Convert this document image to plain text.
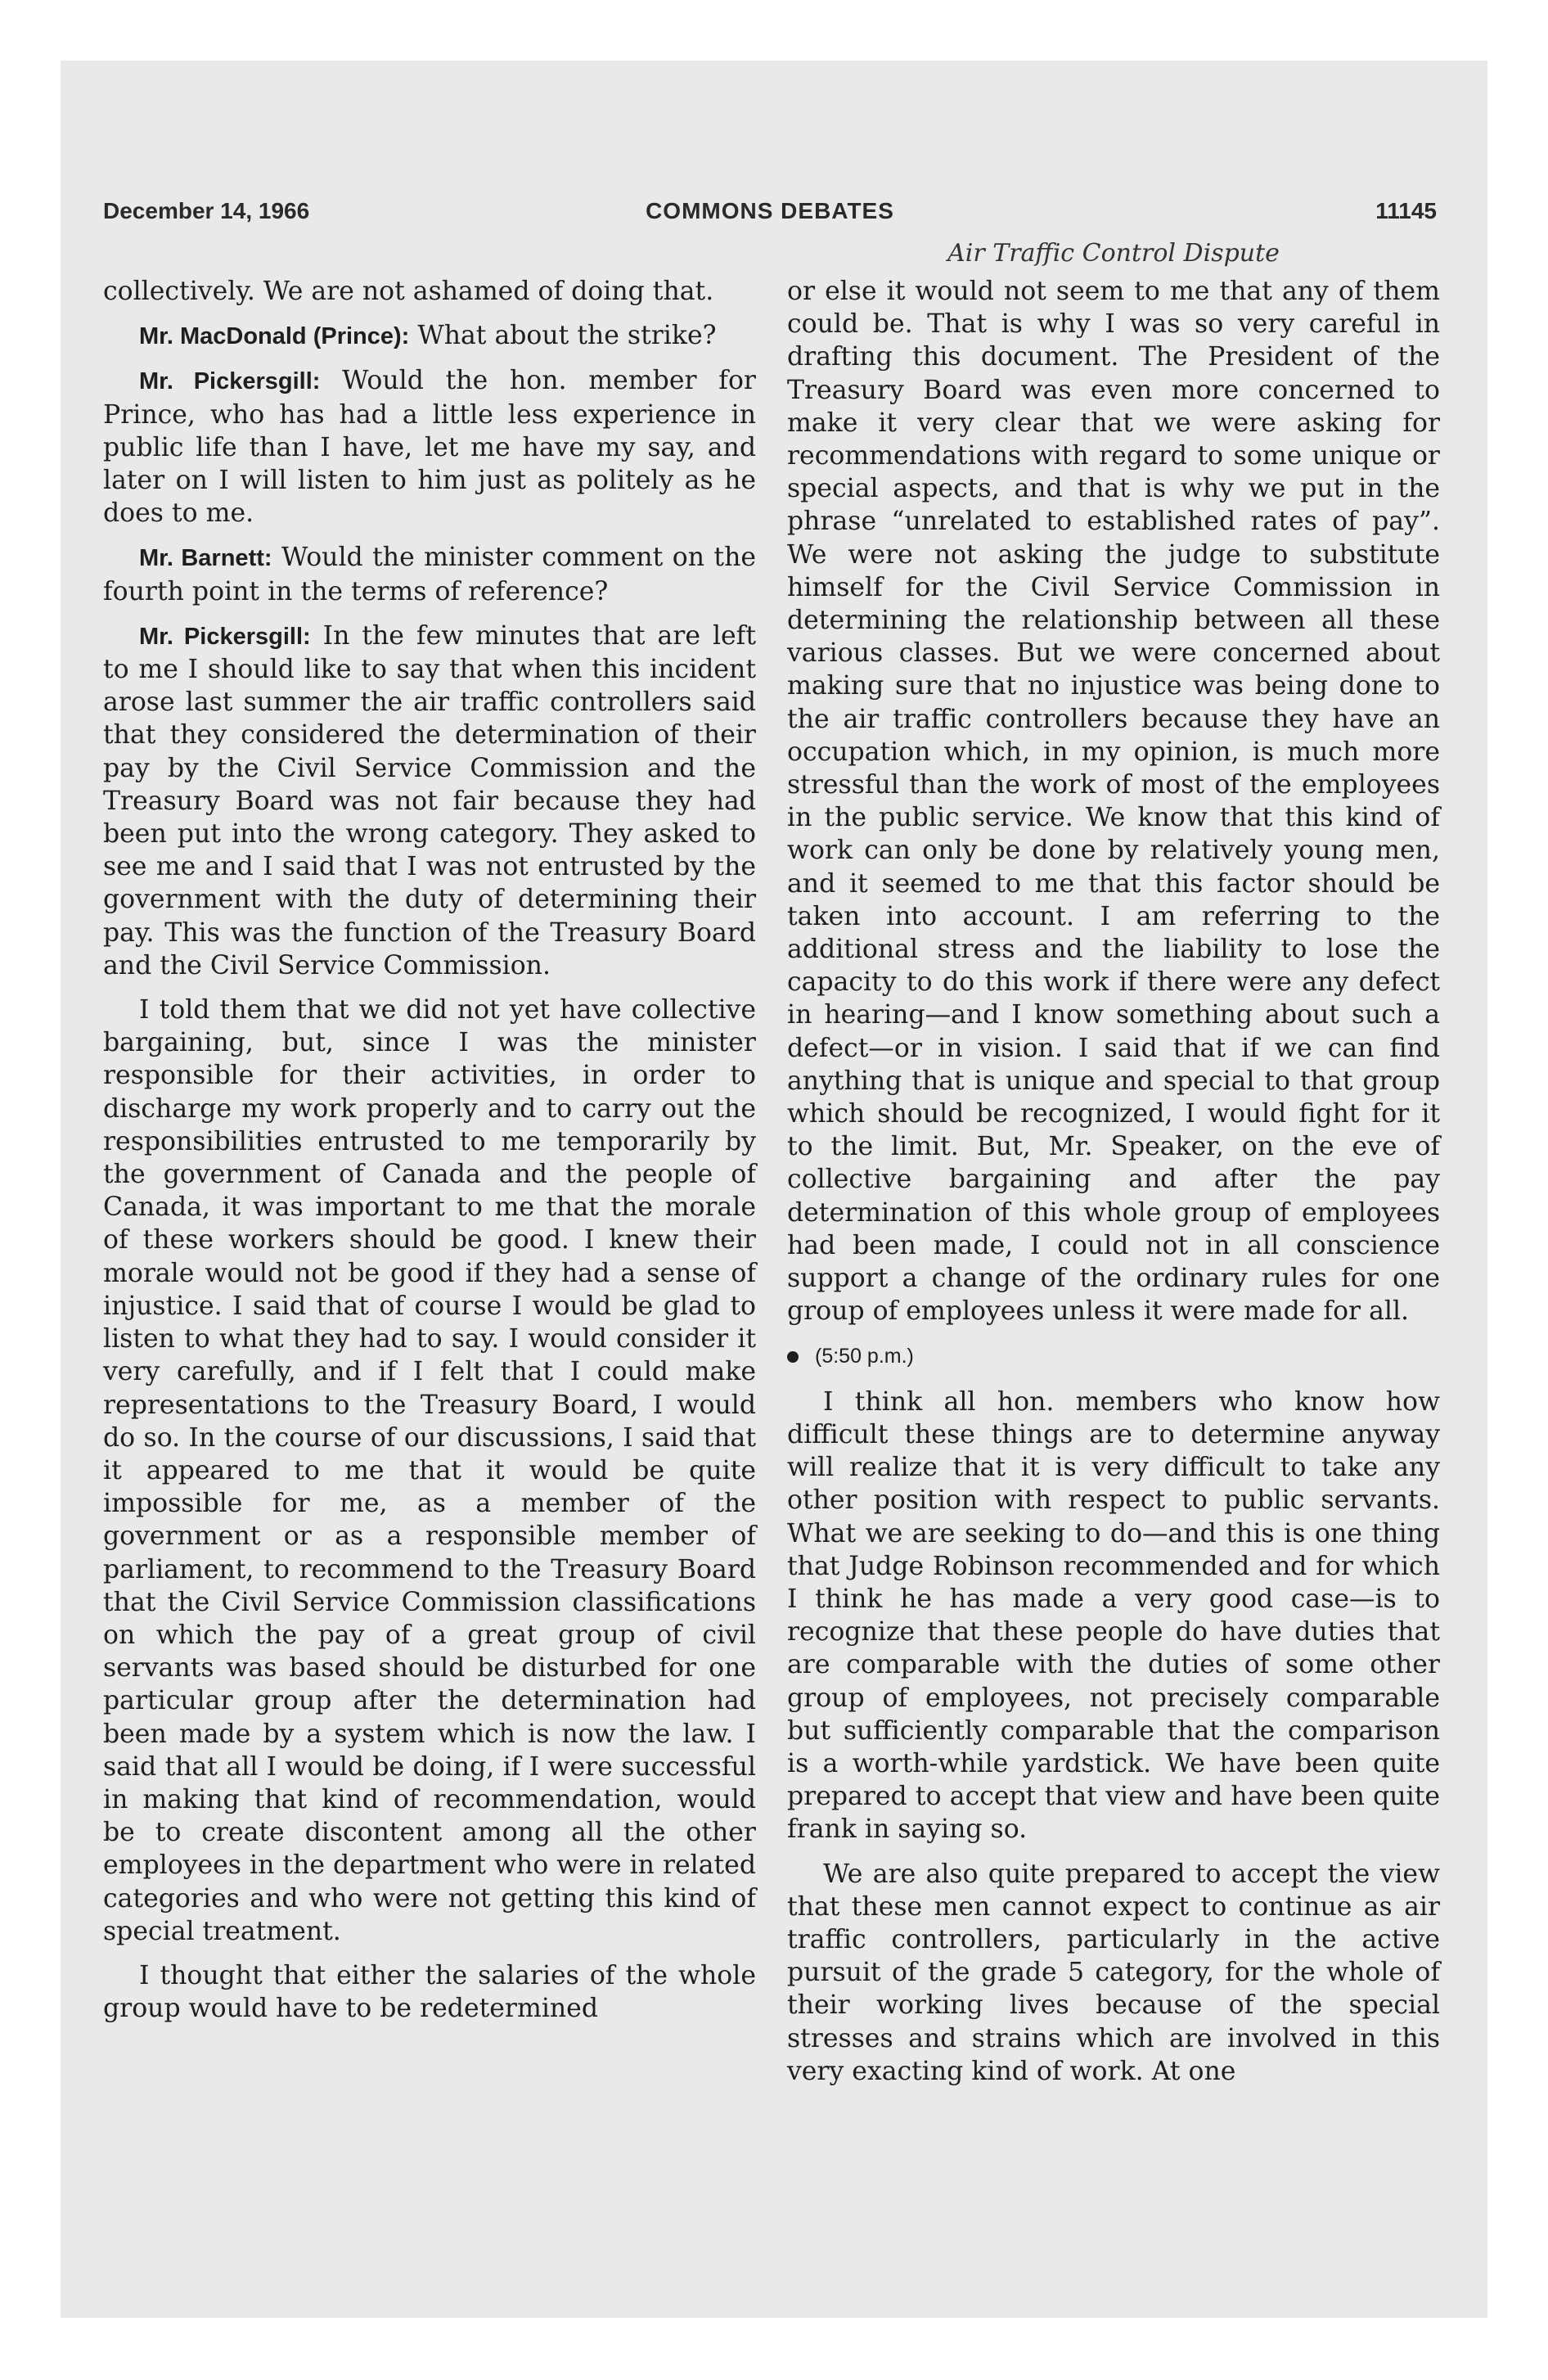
December 14, 1966	COMMONS DEBATES	11145
Air Traffic Control Dispute

collectively. We are not ashamed of doing that.

Mr. MacDonald (Prince): What about the strike?

Mr. Pickersgill: Would the hon. member for Prince, who has had a little less experience in public life than I have, let me have my say, and later on I will listen to him just as politely as he does to me.

Mr. Barnett: Would the minister comment on the fourth point in the terms of reference?

Mr. Pickersgill: In the few minutes that are left to me I should like to say that when this incident arose last summer the air traffic controllers said that they considered the determination of their pay by the Civil Service Commission and the Treasury Board was not fair because they had been put into the wrong category. They asked to see me and I said that I was not entrusted by the government with the duty of determining their pay. This was the function of the Treasury Board and the Civil Service Commission.

I told them that we did not yet have collective bargaining, but, since I was the minister responsible for their activities, in order to discharge my work properly and to carry out the responsibilities entrusted to me temporarily by the government of Canada and the people of Canada, it was important to me that the morale of these workers should be good. I knew their morale would not be good if they had a sense of injustice. I said that of course I would be glad to listen to what they had to say. I would consider it very carefully, and if I felt that I could make representations to the Treasury Board, I would do so. In the course of our discussions, I said that it appeared to me that it would be quite impossible for me, as a member of the government or as a responsible member of parliament, to recommend to the Treasury Board that the Civil Service Commission classifications on which the pay of a great group of civil servants was based should be disturbed for one particular group after the determination had been made by a system which is now the law. I said that all I would be doing, if I were successful in making that kind of recommendation, would be to create discontent among all the other employees in the department who were in related categories and who were not getting this kind of special treatment.

I thought that either the salaries of the whole group would have to be redetermined

or else it would not seem to me that any of them could be. That is why I was so very careful in drafting this document. The President of the Treasury Board was even more concerned to make it very clear that we were asking for recommendations with regard to some unique or special aspects, and that is why we put in the phrase “unrelated to established rates of pay”. We were not asking the judge to substitute himself for the Civil Service Commission in determining the relationship between all these various classes. But we were concerned about making sure that no injustice was being done to the air traffic controllers because they have an occupation which, in my opinion, is much more stressful than the work of most of the employees in the public service. We know that this kind of work can only be done by relatively young men, and it seemed to me that this factor should be taken into account. I am referring to the additional stress and the liability to lose the capacity to do this work if there were any defect in hearing—and I know something about such a defect—or in vision. I said that if we can find anything that is unique and special to that group which should be recognized, I would fight for it to the limit. But, Mr. Speaker, on the eve of collective bargaining and after the pay determination of this whole group of employees had been made, I could not in all conscience support a change of the ordinary rules for one group of employees unless it were made for all.

(5:50 p.m.)

I think all hon. members who know how difficult these things are to determine anyway will realize that it is very difficult to take any other position with respect to public servants. What we are seeking to do—and this is one thing that Judge Robinson recommended and for which I think he has made a very good case—is to recognize that these people do have duties that are comparable with the duties of some other group of employees, not precisely comparable but sufficiently comparable that the comparison is a worth-while yardstick. We have been quite prepared to accept that view and have been quite frank in saying so.

We are also quite prepared to accept the view that these men cannot expect to continue as air traffic controllers, particularly in the active pursuit of the grade 5 category, for the whole of their working lives because of the special stresses and strains which are involved in this very exacting kind of work. At one
